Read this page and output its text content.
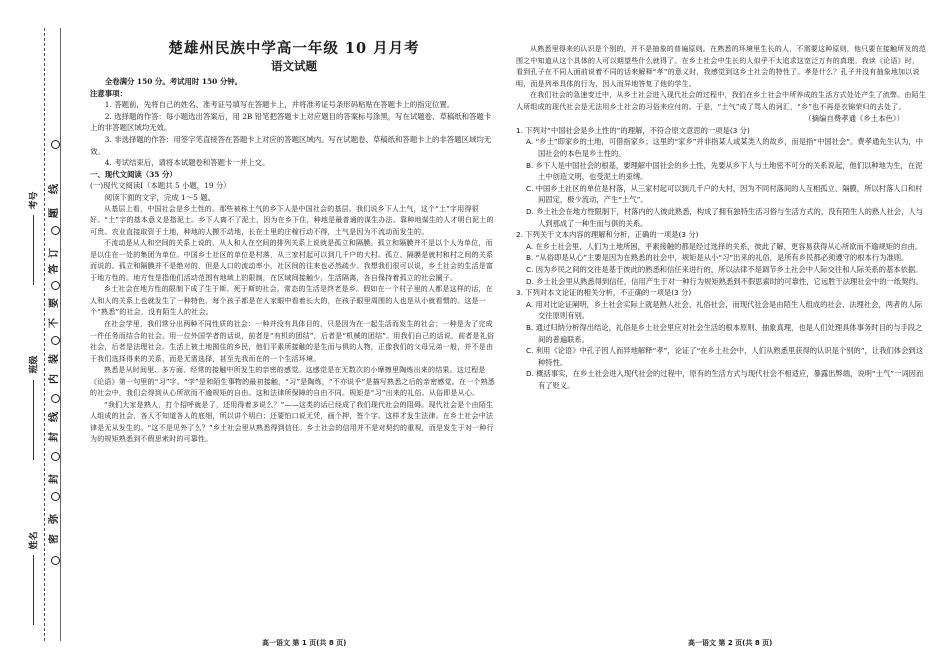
考号
班级
姓名
线
题
订
答
要
不
装
内
线
封
封
弥
密
楚雄州民族中学高一年级 10 月月考
语文试题

全卷满分 150 分。考试用时 150 分钟。

注意事项：

1. 答题前，先将自己的姓名、准考证号填写在答题卡上，并将准考证号条形码粘贴在答题卡上的指定位置。

2. 选择题的作答：每小题选出答案后，用 2B 铅笔把答题卡上对应题目的答案标号涂黑，写在试题卷、草稿纸和答题卡上的非答题区域均无效。

3. 非选择题的作答：用签字笔直接答在答题卡上对应的答题区域内。写在试题卷、草稿纸和答题卡上的非答题区域均无效。

4. 考试结束后，请将本试题卷和答题卡一并上交。

一、现代文阅读（35 分）

(一)现代文阅读Ⅰ（本题共 5 小题，19 分）

阅读下面的文字，完成 1～5 题。

从基层上看，中国社会是乡土性的。那些被称土气的乡下人是中国社会的基层。我们说乡下人土气，这个“土”字用得很好。“土”字的基本意义是指泥土。乡下人离不了泥土，因为在乡下住，种地是最普通的谋生办法。靠种地谋生的人才明白泥土的可贵。农业直接取资于土地，种地的人搬不动地，长在土里的庄稼行动不得，土气是因为不流动而发生的。

不流动是从人和空间的关系上说的，从人和人在空间的排列关系上说就是孤立和隔膜。孤立和隔膜并不是以个人为单位，而是以住在一处的集团为单位。中国乡土社区的单位是村落，从三家村起可以到几千户的大村。孤立、隔膜是就村和村之间的关系而说的。孤立和隔膜并不是绝对的，但是人口的流动率小，社区间的往来也必然疏少。我想我们很可以说，乡土社会的生活是富于地方性的。地方性是指他们活动范围有地域上的限制，在区域间接触少，生活隔离，各自保持着孤立的社会圈子。

乡土社会在地方性的限制下成了生于斯、死于斯的社会。常态的生活是终老是乡。假如在一个村子里的人都是这样的话，在人和人的关系上也就发生了一种特色，每个孩子都是在人家眼中看着长大的，在孩子眼里周围的人也是从小就看惯的。这是一个“熟悉”的社会，没有陌生人的社会。

在社会学里，我们常分出两种不同性质的社会：一种并没有具体目的，只是因为在一起生活而发生的社会；一种是为了完成一件任务而结合的社会。用一位外国学者的话说，前者是“有机的团结”，后者是“机械的团结”。用我们自己的话说，前者是礼俗社会，后者是法理社会。生活上被土地囿住的乡民，他们平素所接触的是生而与俱的人物，正像我们的父母兄弟一般，并不是由于我们选择得来的关系，而是无需选择，甚至先我而在的一个生活环境。

熟悉是从时间里、多方面、经常的接触中所发生的亲密的感觉。这感觉是在无数次的小摩擦里陶炼出来的结果。这过程是《论语》第一句里的“习”字。“学”是和陌生事物的最初接触，“习”是陶炼，“不亦说乎”是描写熟悉之后的亲密感觉。在一个熟悉的社会中，我们会得到从心所欲而不逾规矩的自由。这和法律所保障的自由不同。规矩是“习”出来的礼俗。从俗即是从心。

“我们大家是熟人，打个招呼就是了，还用得着多说么？”——这类的话已经成了我们现代社会的阻碍。现代社会是个由陌生人组成的社会，各人不知道各人的底细，所以讲个明白；还要怕口说无凭，画个押，签个字。这样才发生法律。在乡土社会中法律是无从发生的。“这不是见外了么？”乡土社会里从熟悉得到信任。乡土社会的信用并不是对契约的重视，而是发生于对一种行为的规矩熟悉到不假思索时的可靠性。

从熟悉里得来的认识是个别的，并不是抽象的普遍原则。在熟悉的环境里生长的人，不需要这种原则，他只要在接触所及的范围之中知道从这个具体的人可以期望些什么就得了。在乡土社会中生长的人似乎不太追求这宽泛万有的真理。我读《论语》时，看到孔子在不同人面前说着不同的话来解释“孝”的意义时，我感觉到这乡土社会的特性了。孝是什么？孔子并没有抽象地加以说明，而是列举具体的行为，因人而异地答复了他的学生。

在我们社会的急速变迁中，从乡土社会进入现代社会的过程中，我们在乡土社会中所养成的生活方式处处产生了流弊。由陌生人所组成的现代社会是无法用乡土社会的习俗来应付的。于是，“土气”成了骂人的词汇，“乡”也不再是衣锦荣归的去处了。

（摘编自费孝通《乡土本色》）

1. 下列对“中国社会是乡土性的”的理解，不符合原文意思的一项是(3 分)

A. “乡土”即家乡的土地，可借指家乡；这里的“家乡”并非指某人或某类人的故乡，而是指“中国社会”。费孝通先生认为，中国社会的本色是乡土性的。

B. 乡下人是中国社会的根基，要理解中国社会的乡土性，先要从乡下人与土地密不可分的关系说起，他们以种地为生，在泥土中创造文明，也受泥土的束缚。

C. 中国乡土社区的单位是村落，从三家村起可以到几千户的大村，因为不同村落间的人互相孤立、隔膜，所以村落人口和村间固定，极少流动，产生“土气”。

D. 乡土社会在地方性限制下，村落内的人彼此熟悉，构成了拥有独特生活习俗与生活方式的，没有陌生人的熟人社会，人与人到那成了一种生而与俱的关系。

2. 下列关于文本内容的理解和分析，正确的一项是(3 分)

A. 在乡土社会里，人们为土地所困，平素接触的都是经过选择的关系，彼此了解，更容易获得从心所欲而不逾规矩的自由。

B. “从俗即是从心”主要是因为在熟悉的社会中，规矩是从小“习”出来的礼俗，是所有乡民都必须遵守的根本行为准则。

C. 因为乡民之间的交往是基于彼此的熟悉和信任来进行的，所以法律不是调节乡土社会中人际交往和人际关系的基本依据。

D. 乡土社会里从熟悉得到信任，信用产生于对一种行为规矩熟悉到不假思索时的可靠性，它远胜于法理社会中的一纸契约。

3. 下列对本文论证的相关分析，不正确的一项是(3 分)

A. 用对比论证阐明，乡土社会实际上就是熟人社会、礼俗社会，而现代社会是由陌生人组成的社会、法理社会，两者的人际交往原则有别。

B. 通过归纳分析得出结论，礼俗是乡土社会里应对社会生活的根本原则、抽象真理，也是人们处理具体事务时目的与手段之间的普遍联系。

C. 利用《论语》中孔子因人而异地解释“孝”，论证了“在乡土社会中，人们从熟悉里获得的认识是个别的”，让我们体会到这种特性。

D. 概括事实，在乡土社会进入现代社会的过程中，原有的生活方式与现代社会不相适应，暴露出弊端，说明“土气”一词因而有了贬义。

高一语文 第 1 页(共 8 页)	高一语文 第 2 页(共 8 页)
